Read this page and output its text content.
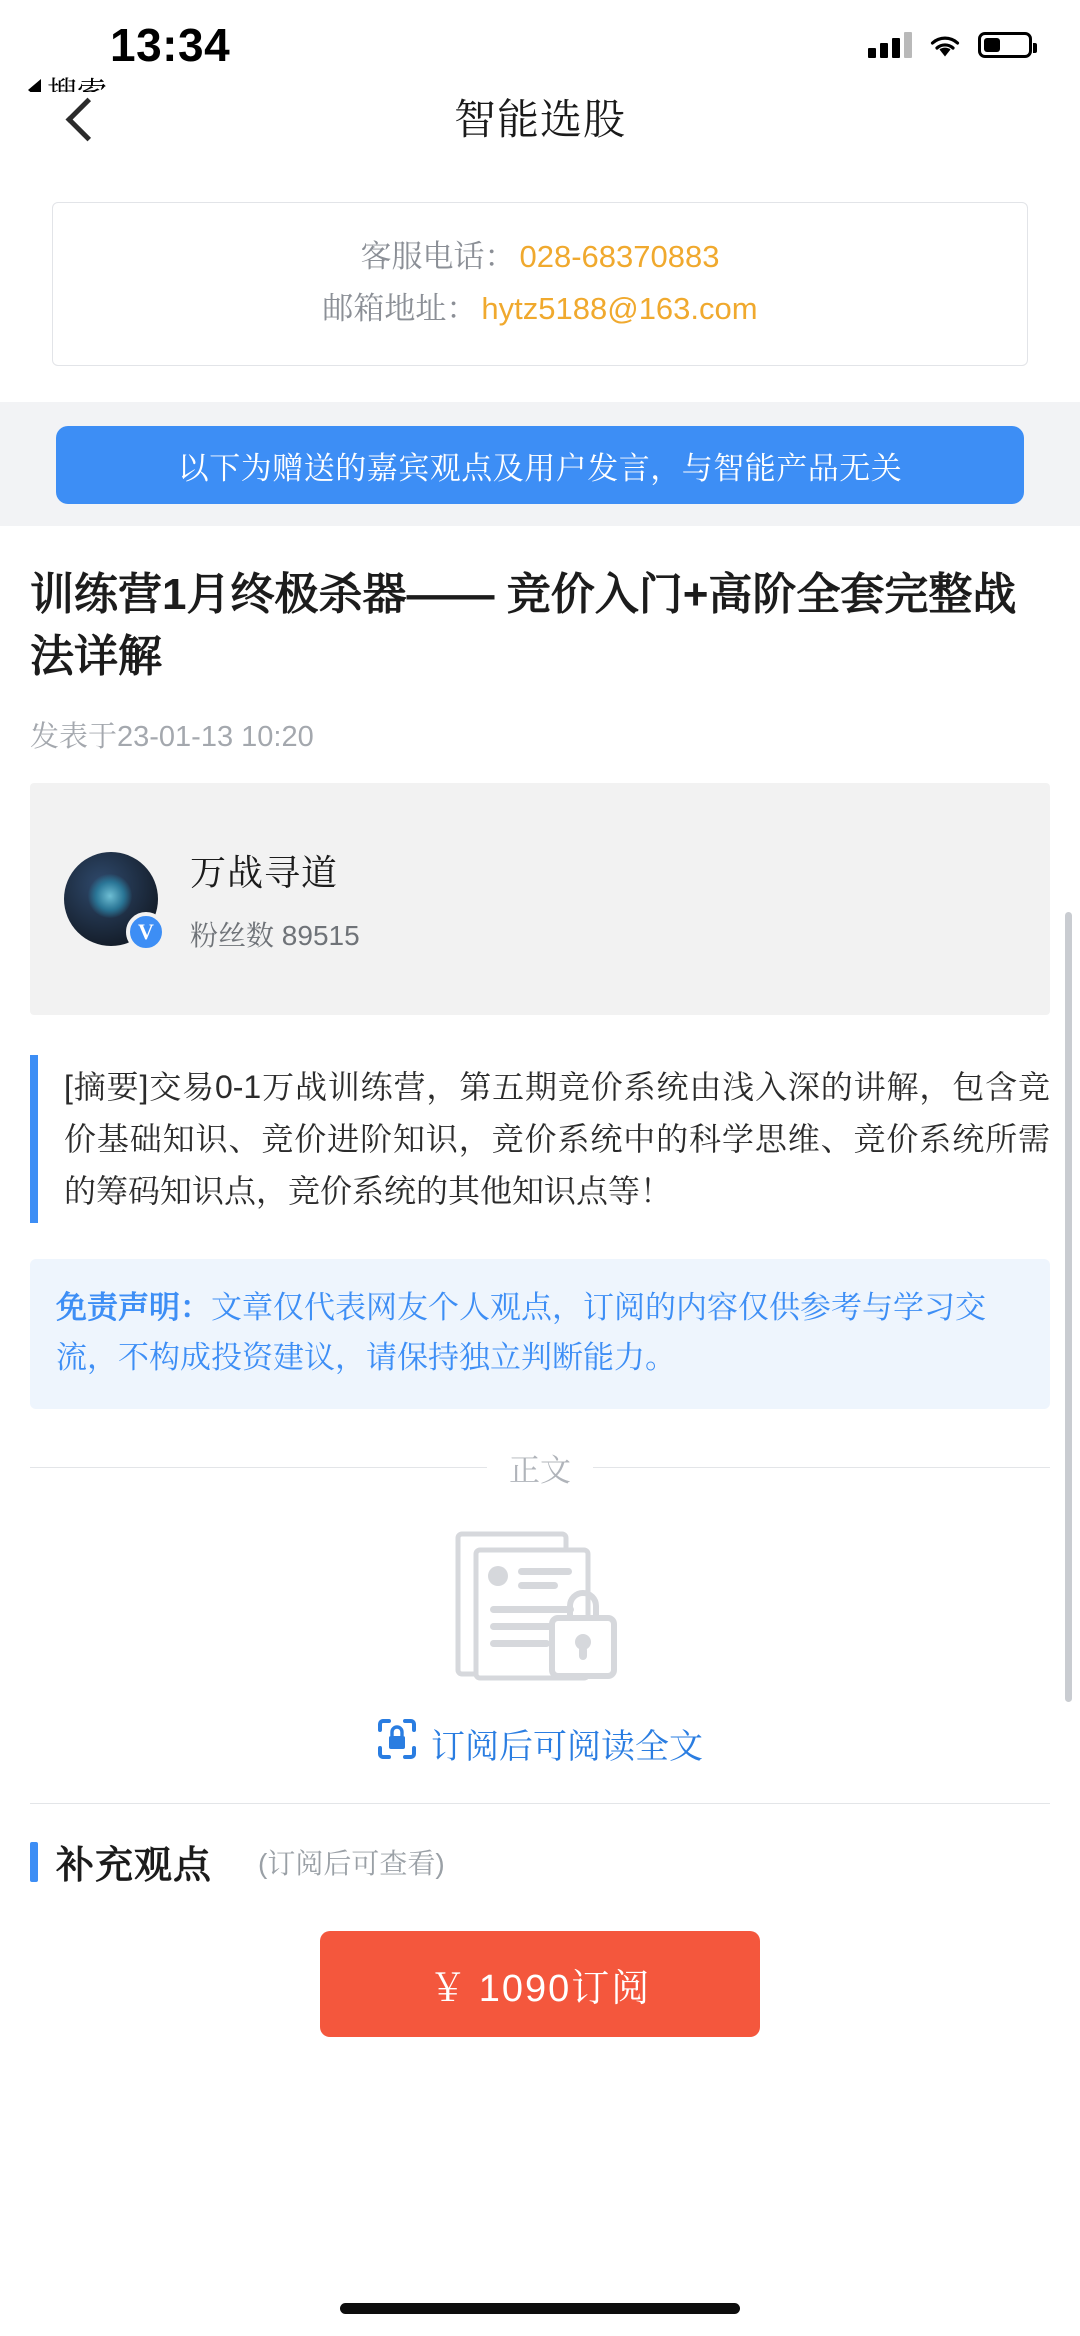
13:34
智能选股
客服电话： 028-68370883
邮箱地址： hytz5188@163.com
以下为赠送的嘉宾观点及用户发言，与智能产品无关
训练营1月终极杀器—— 竞价入门+高阶全套完整战法详解
发表于23-01-13 10:20
V
万战寻道
粉丝数 89515

[摘要]交易0-1万战训练营，第五期竞价系统由浅入深的讲解，包含竞价基础知识、竞价进阶知识，竞价系统中的科学思维、竞价系统所需的筹码知识点，竞价系统的其他知识点等！

免责声明：文章仅代表网友个人观点，订阅的内容仅供参考与学习交流，不构成投资建议，请保持独立判断能力。

正文
订阅后可阅读全文
补充观点 (订阅后可查看)
￥ 1090订阅
